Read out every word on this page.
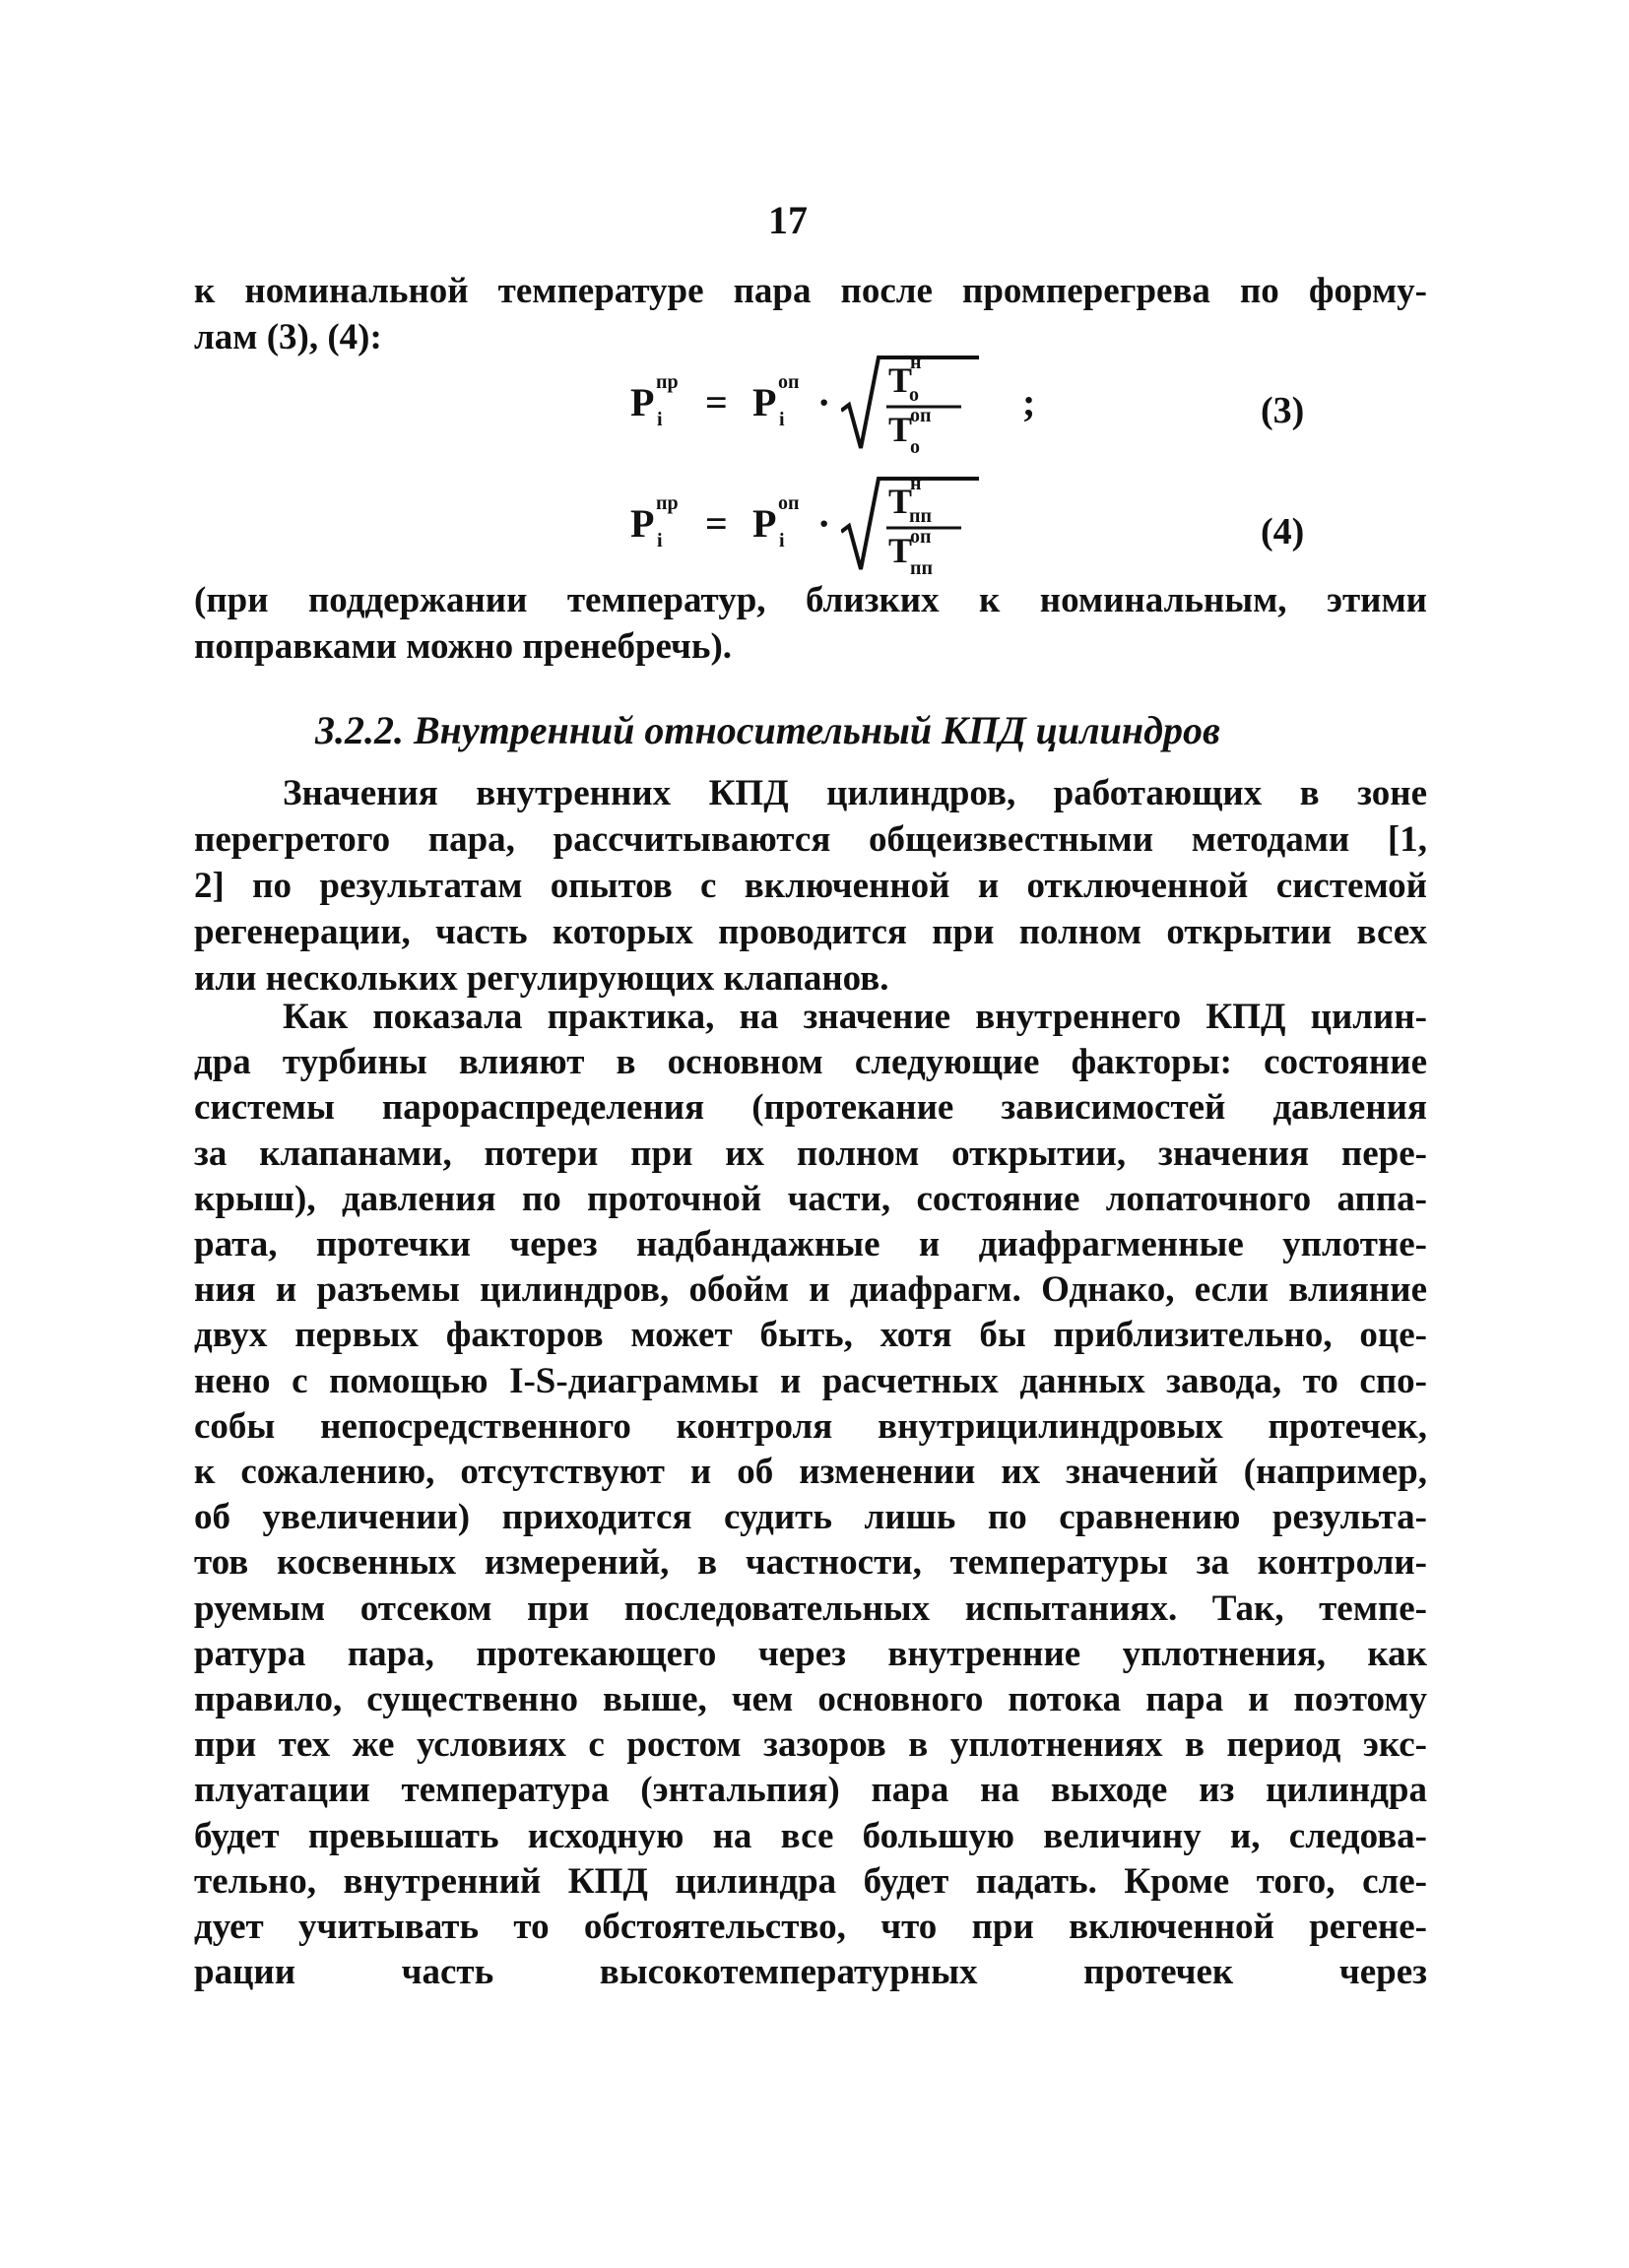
17
к номинальной температуре пара после промперегрева по форму-
лам (3), (4):
P пр
i = P оп
i · T
н
о
T
оп
о
;	(3)
P пр
i = P оп
i · T
н
пп
T
оп
пп
(4)
(при поддержании температур, близких к номинальным, этими
поправками можно пренебречь).
3.2.2. Внутренний относительный КПД цилиндров
Значения внутренних КПД цилиндров, работающих в зоне
перегретого пара, рассчитываются общеизвестными методами [1,
2] по результатам опытов с включенной и отключенной системой
регенерации, часть которых проводится при полном открытии всех
или нескольких регулирующих клапанов.
Как показала практика, на значение внутреннего КПД цилин-
дра турбины влияют в основном следующие факторы: состояние
системы парораспределения (протекание зависимостей давления
за клапанами, потери при их полном открытии, значения пере-
крыш), давления по проточной части, состояние лопаточного аппа-
рата, протечки через надбандажные и диафрагменные уплотне-
ния и разъемы цилиндров, обойм и диафрагм. Однако, если влияние
двух первых факторов может быть, хотя бы приблизительно, оце-
нено с помощью I-S-диаграммы и расчетных данных завода, то спо-
собы непосредственного контроля внутрицилиндровых протечек,
к сожалению, отсутствуют и об изменении их значений (например,
об увеличении) приходится судить лишь по сравнению результа-
тов косвенных измерений, в частности, температуры за контроли-
руемым отсеком при последовательных испытаниях. Так, темпе-
ратура пара, протекающего через внутренние уплотнения, как
правило, существенно выше, чем основного потока пара и поэтому
при тех же условиях с ростом зазоров в уплотнениях в период экс-
плуатации температура (энтальпия) пара на выходе из цилиндра
будет превышать исходную на все большую величину и, следова-
тельно, внутренний КПД цилиндра будет падать. Кроме того, сле-
дует учитывать то обстоятельство, что при включенной регене-
рации часть высокотемпературных протечек через
